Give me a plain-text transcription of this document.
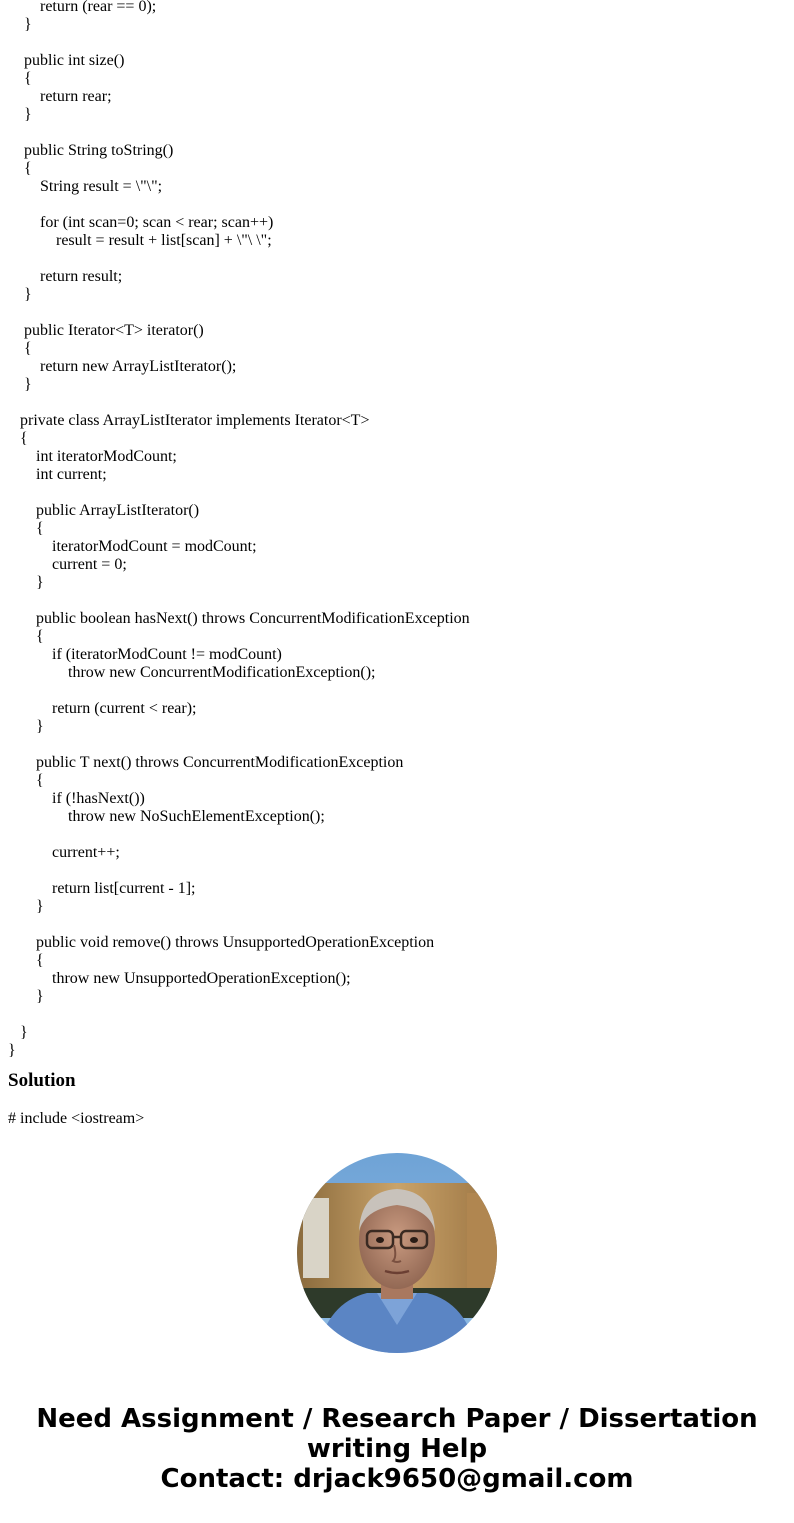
return (rear == 0);
}
public int size()
{
return rear;
}
public String toString()
{
String result = \"\";
for (int scan=0; scan < rear; scan++)
result = result + list[scan] + \"\ \";
return result;
}
public Iterator<T> iterator()
{
return new ArrayListIterator();
}
private class ArrayListIterator implements Iterator<T>
{
int iteratorModCount;
int current;
public ArrayListIterator()
{
iteratorModCount = modCount;
current = 0;
}
public boolean hasNext() throws ConcurrentModificationException
{
if (iteratorModCount != modCount)
throw new ConcurrentModificationException();
return (current < rear);
}
public T next() throws ConcurrentModificationException
{
if (!hasNext())
throw new NoSuchElementException();
current++;
return list[current - 1];
}
public void remove() throws UnsupportedOperationException
{
throw new UnsupportedOperationException();
}
}
}
Solution
# include <iostream>
Need Assignment / Research Paper / Dissertation
writing Help
Contact: drjack9650@gmail.com
